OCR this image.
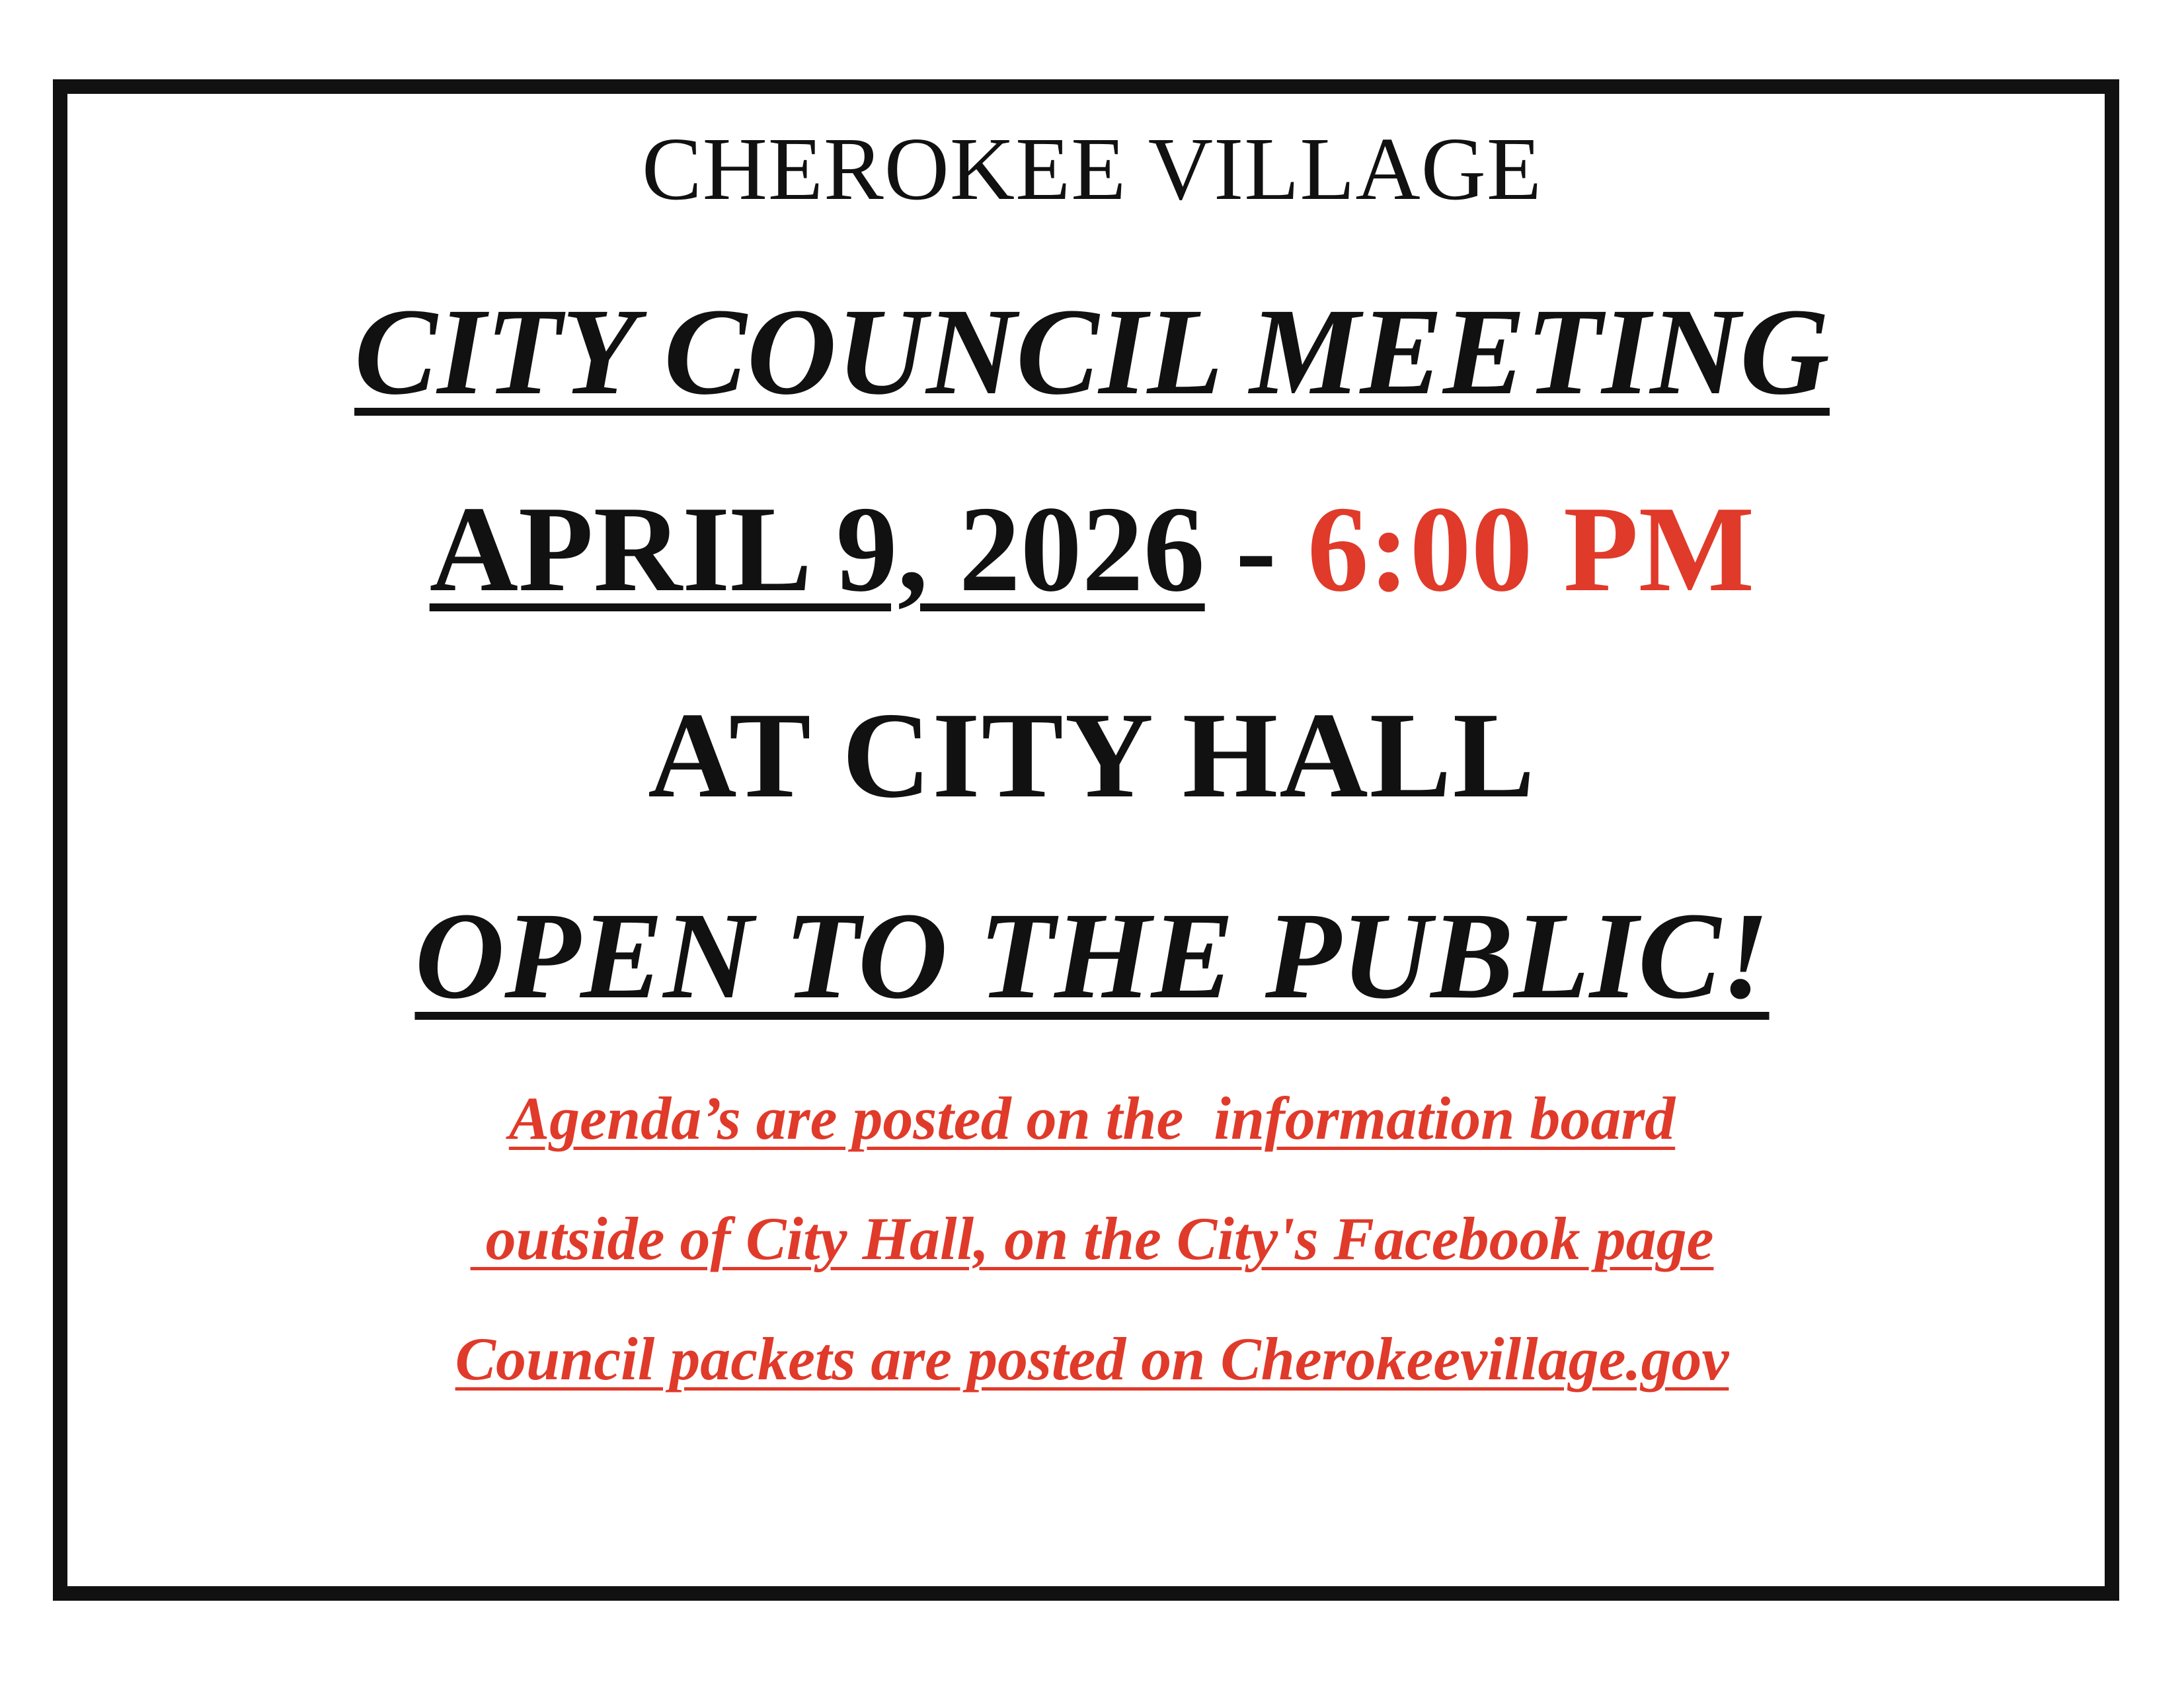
CHEROKEE VILLAGE
CITY COUNCIL MEETING
APRIL 9, 2026 - 6:00 PM
AT CITY HALL
OPEN TO THE PUBLIC!
Agenda’s are posted on the  information board
outside of City Hall, on the City's Facebook page
Council packets are posted on Cherokeevillage.gov
